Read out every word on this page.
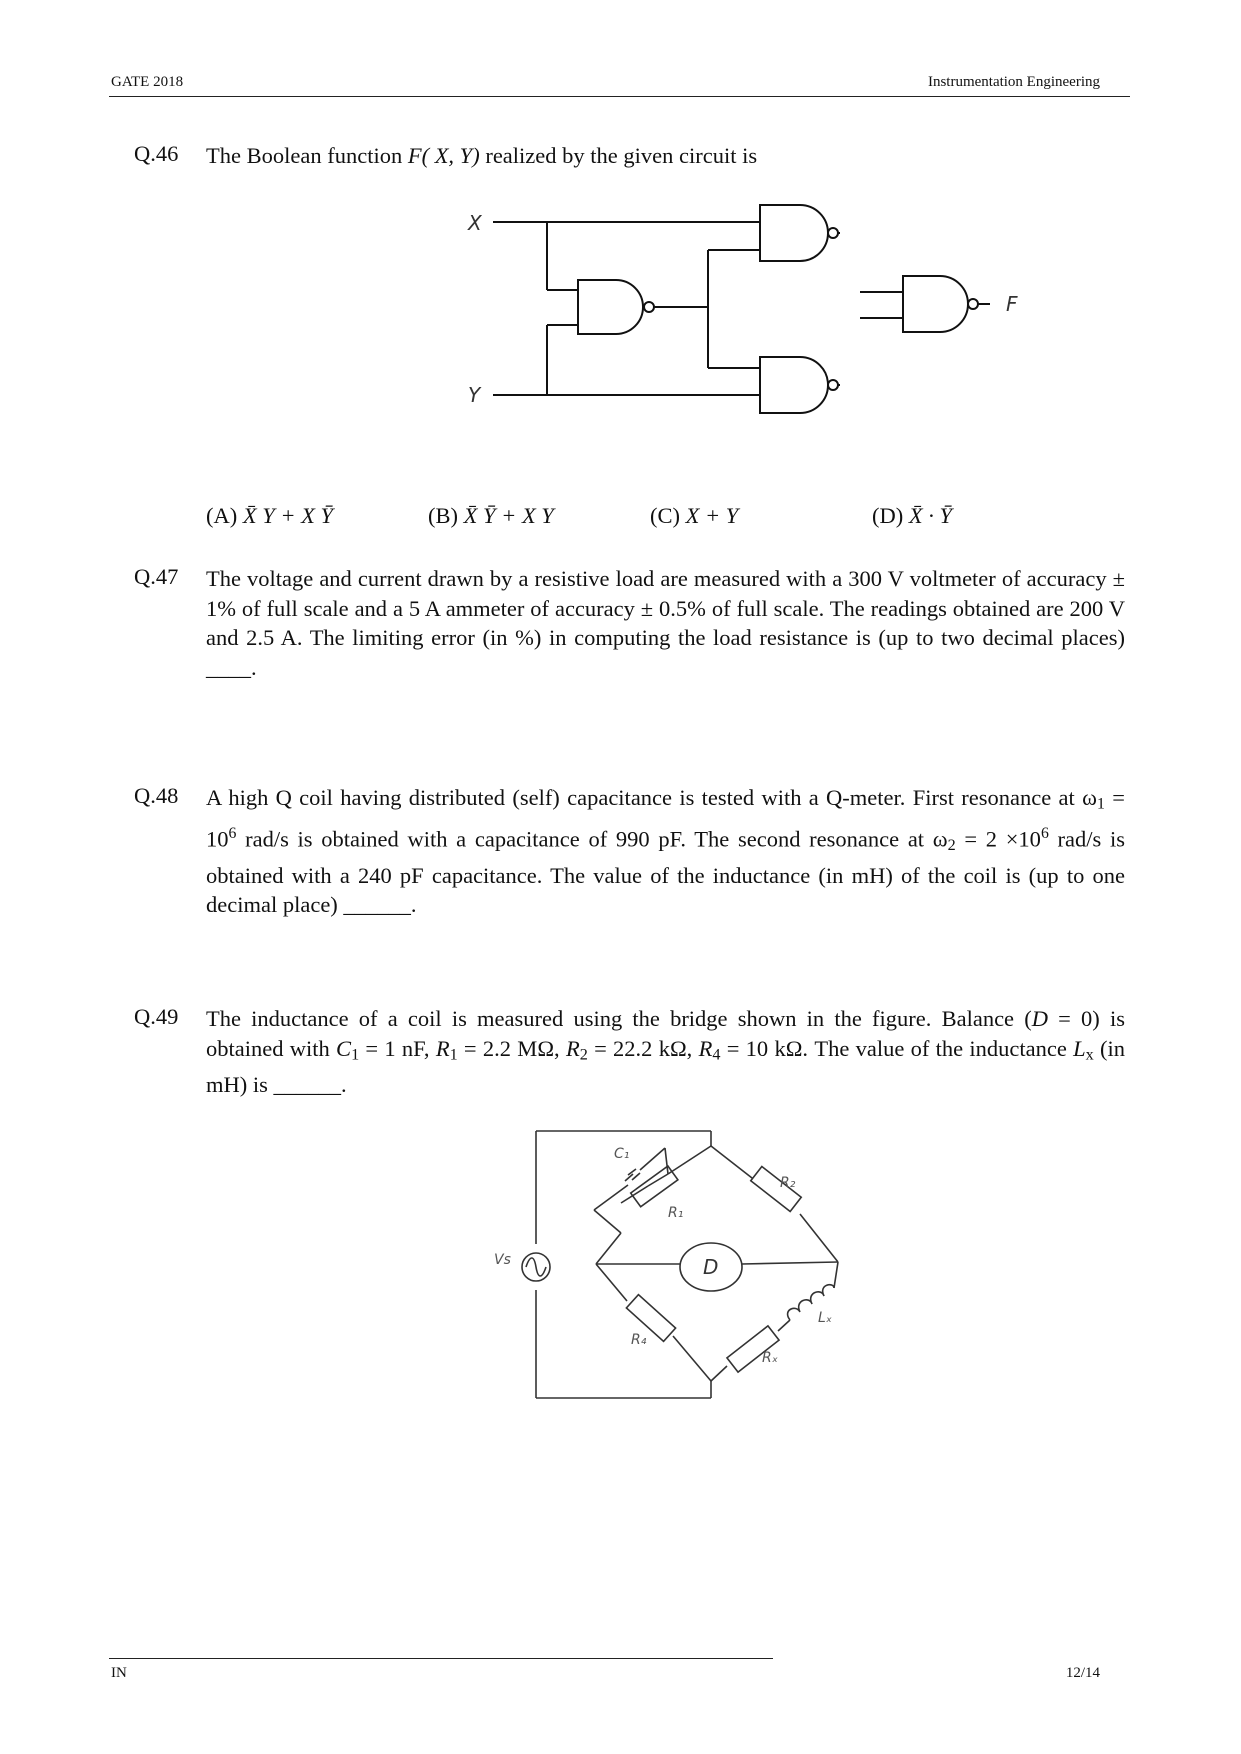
GATE 2018	Instrumentation Engineering
Q.46 The Boolean function F( X, Y) realized by the given circuit is
F
X
Y
(A) X̄ Y + X Ȳ	(B) X̄ Ȳ + X Y	(C) X + Y	(D) X̄ · Ȳ
Q.47 The voltage and current drawn by a resistive load are measured with a 300 V voltmeter of accuracy ± 1% of full scale and a 5 A ammeter of accuracy ± 0.5% of full scale. The readings obtained are 200 V and 2.5 A. The limiting error (in %) in computing the load resistance is (up to two decimal places) ____.
Q.48 A high Q coil having distributed (self) capacitance is tested with a Q-meter. First resonance at $\omega_1 = 10^6$ rad/s is obtained with a capacitance of 990 pF. The second resonance at $\omega_2 = 2 \times 10^6$ rad/s is obtained with a 240 pF capacitance. The value of the inductance (in mH) of the coil is (up to one decimal place) ______.
Q.49 The inductance of a coil is measured using the bridge shown in the figure. Balance (D = 0) is obtained with $C_1 = 1$ nF, $R_1 = 2.2$ MΩ, $R_2 = 22.2$ kΩ, $R_4 = 10$ kΩ. The value of the inductance $L_x$ (in mH) is ______.
C₁
R₁
R₂
R₄
Rₓ
Lₓ
Vs	D
IN	12/14
